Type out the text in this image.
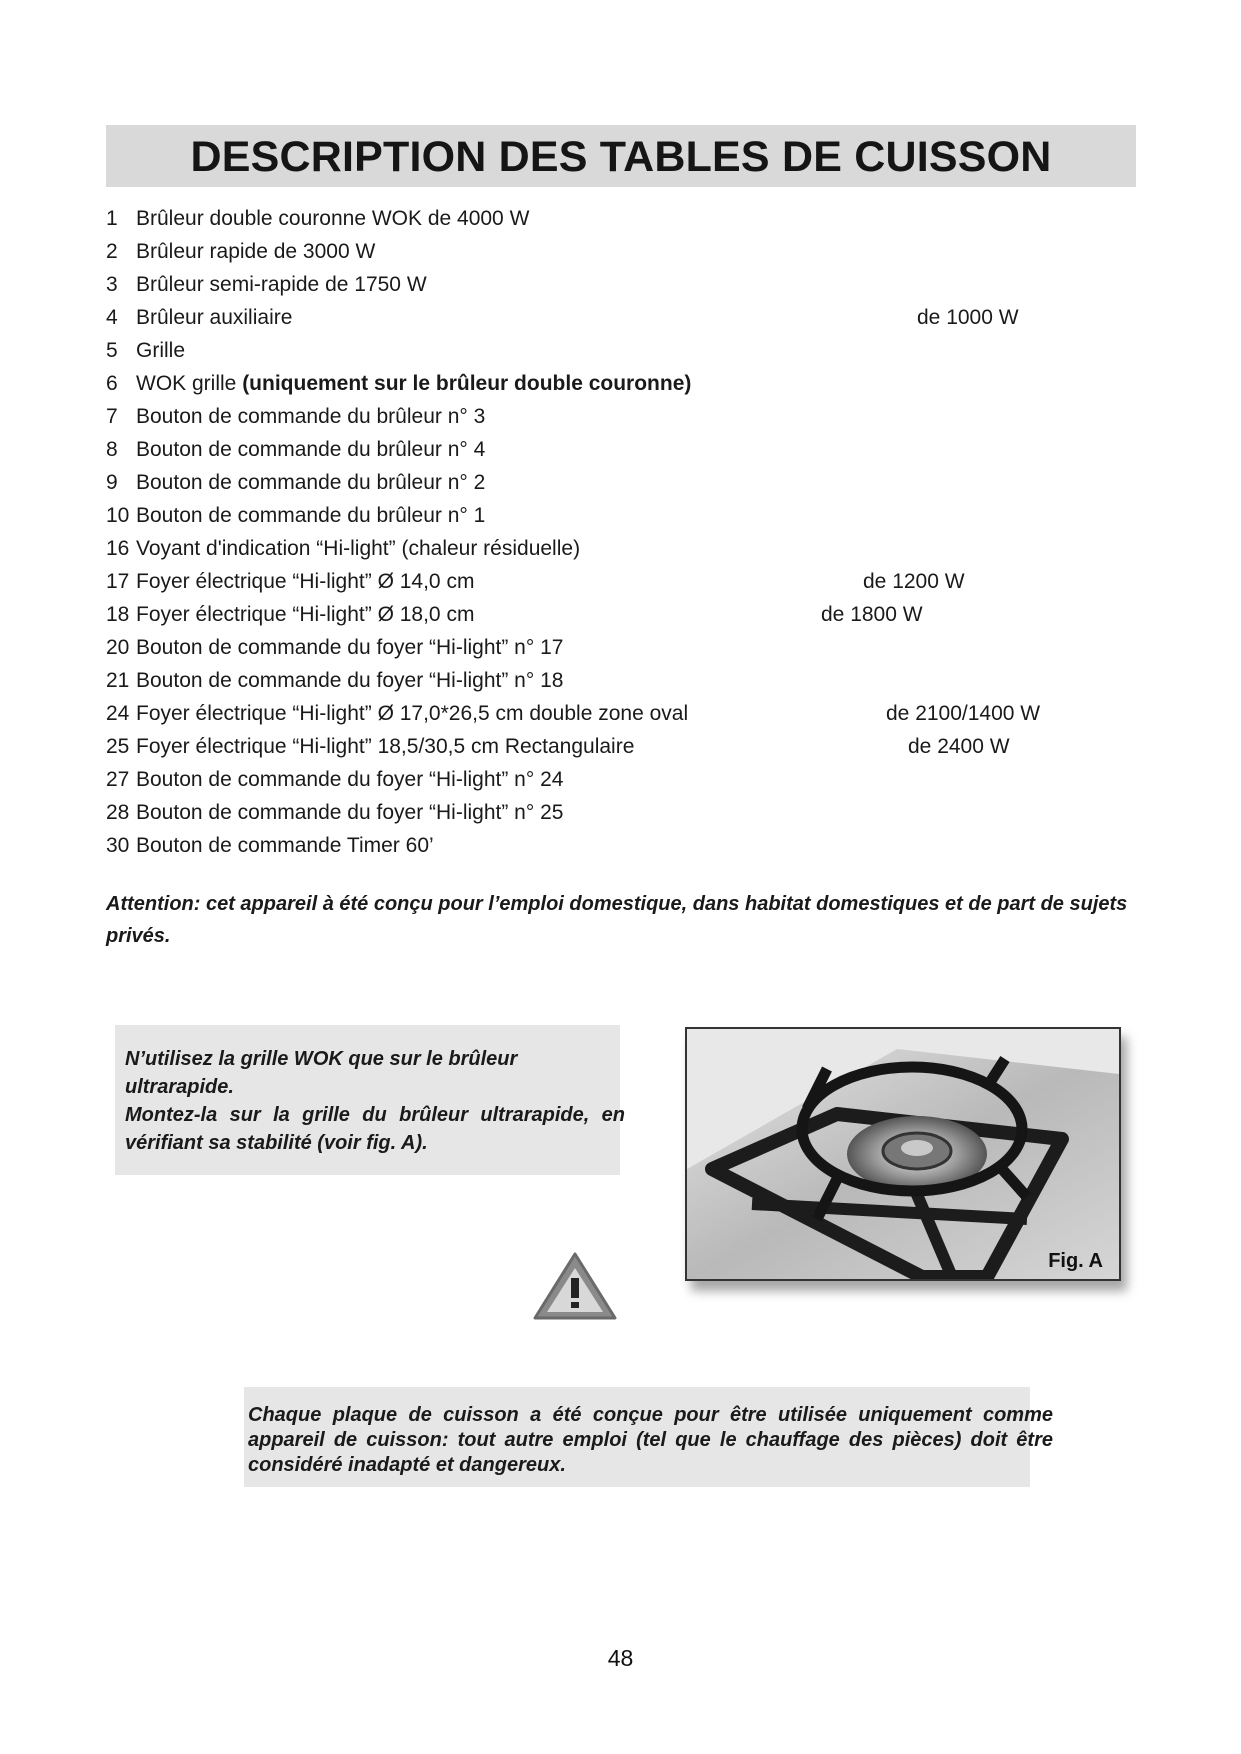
DESCRIPTION DES TABLES DE CUISSON
1 Brûleur double couronne WOK de 4000 W
2 Brûleur rapide de 3000 W
3 Brûleur semi-rapide de 1750 W
4 Brûleur auxiliaire	de 1000 W
5 Grille
6 WOK grille (uniquement sur le brûleur double couronne)
7 Bouton de commande du brûleur n° 3
8 Bouton de commande du brûleur n° 4
9 Bouton de commande du brûleur n° 2
10 Bouton de commande du brûleur n° 1
16 Voyant d'indication “Hi-light” (chaleur résiduelle)
17 Foyer électrique “Hi-light” Ø 14,0 cm	de 1200 W
18 Foyer électrique “Hi-light” Ø 18,0 cm	de 1800 W
20 Bouton de commande du foyer “Hi-light” n° 17
21 Bouton de commande du foyer “Hi-light” n° 18
24 Foyer électrique “Hi-light” Ø 17,0*26,5 cm double zone oval	de 2100/1400 W
25 Foyer électrique “Hi-light” 18,5/30,5 cm Rectangulaire	de 2400 W
27 Bouton de commande du foyer “Hi-light” n° 24
28 Bouton de commande du foyer “Hi-light” n° 25
30 Bouton de commande Timer 60’
Attention: cet appareil à été conçu pour l’emploi domestique, dans habitat domestiques et de part de sujets privés.

N’utilisez la grille WOK que sur le brûleur

ultrarapide.

Montez-la sur la grille du brûleur ultrarapide, en vérifiant sa stabilité (voir fig. A).

Fig. A

Chaque plaque de cuisson a été conçue pour être utilisée uniquement comme appareil de cuisson: tout autre emploi (tel que le chauffage des pièces) doit être considéré inadapté et dangereux.

48
